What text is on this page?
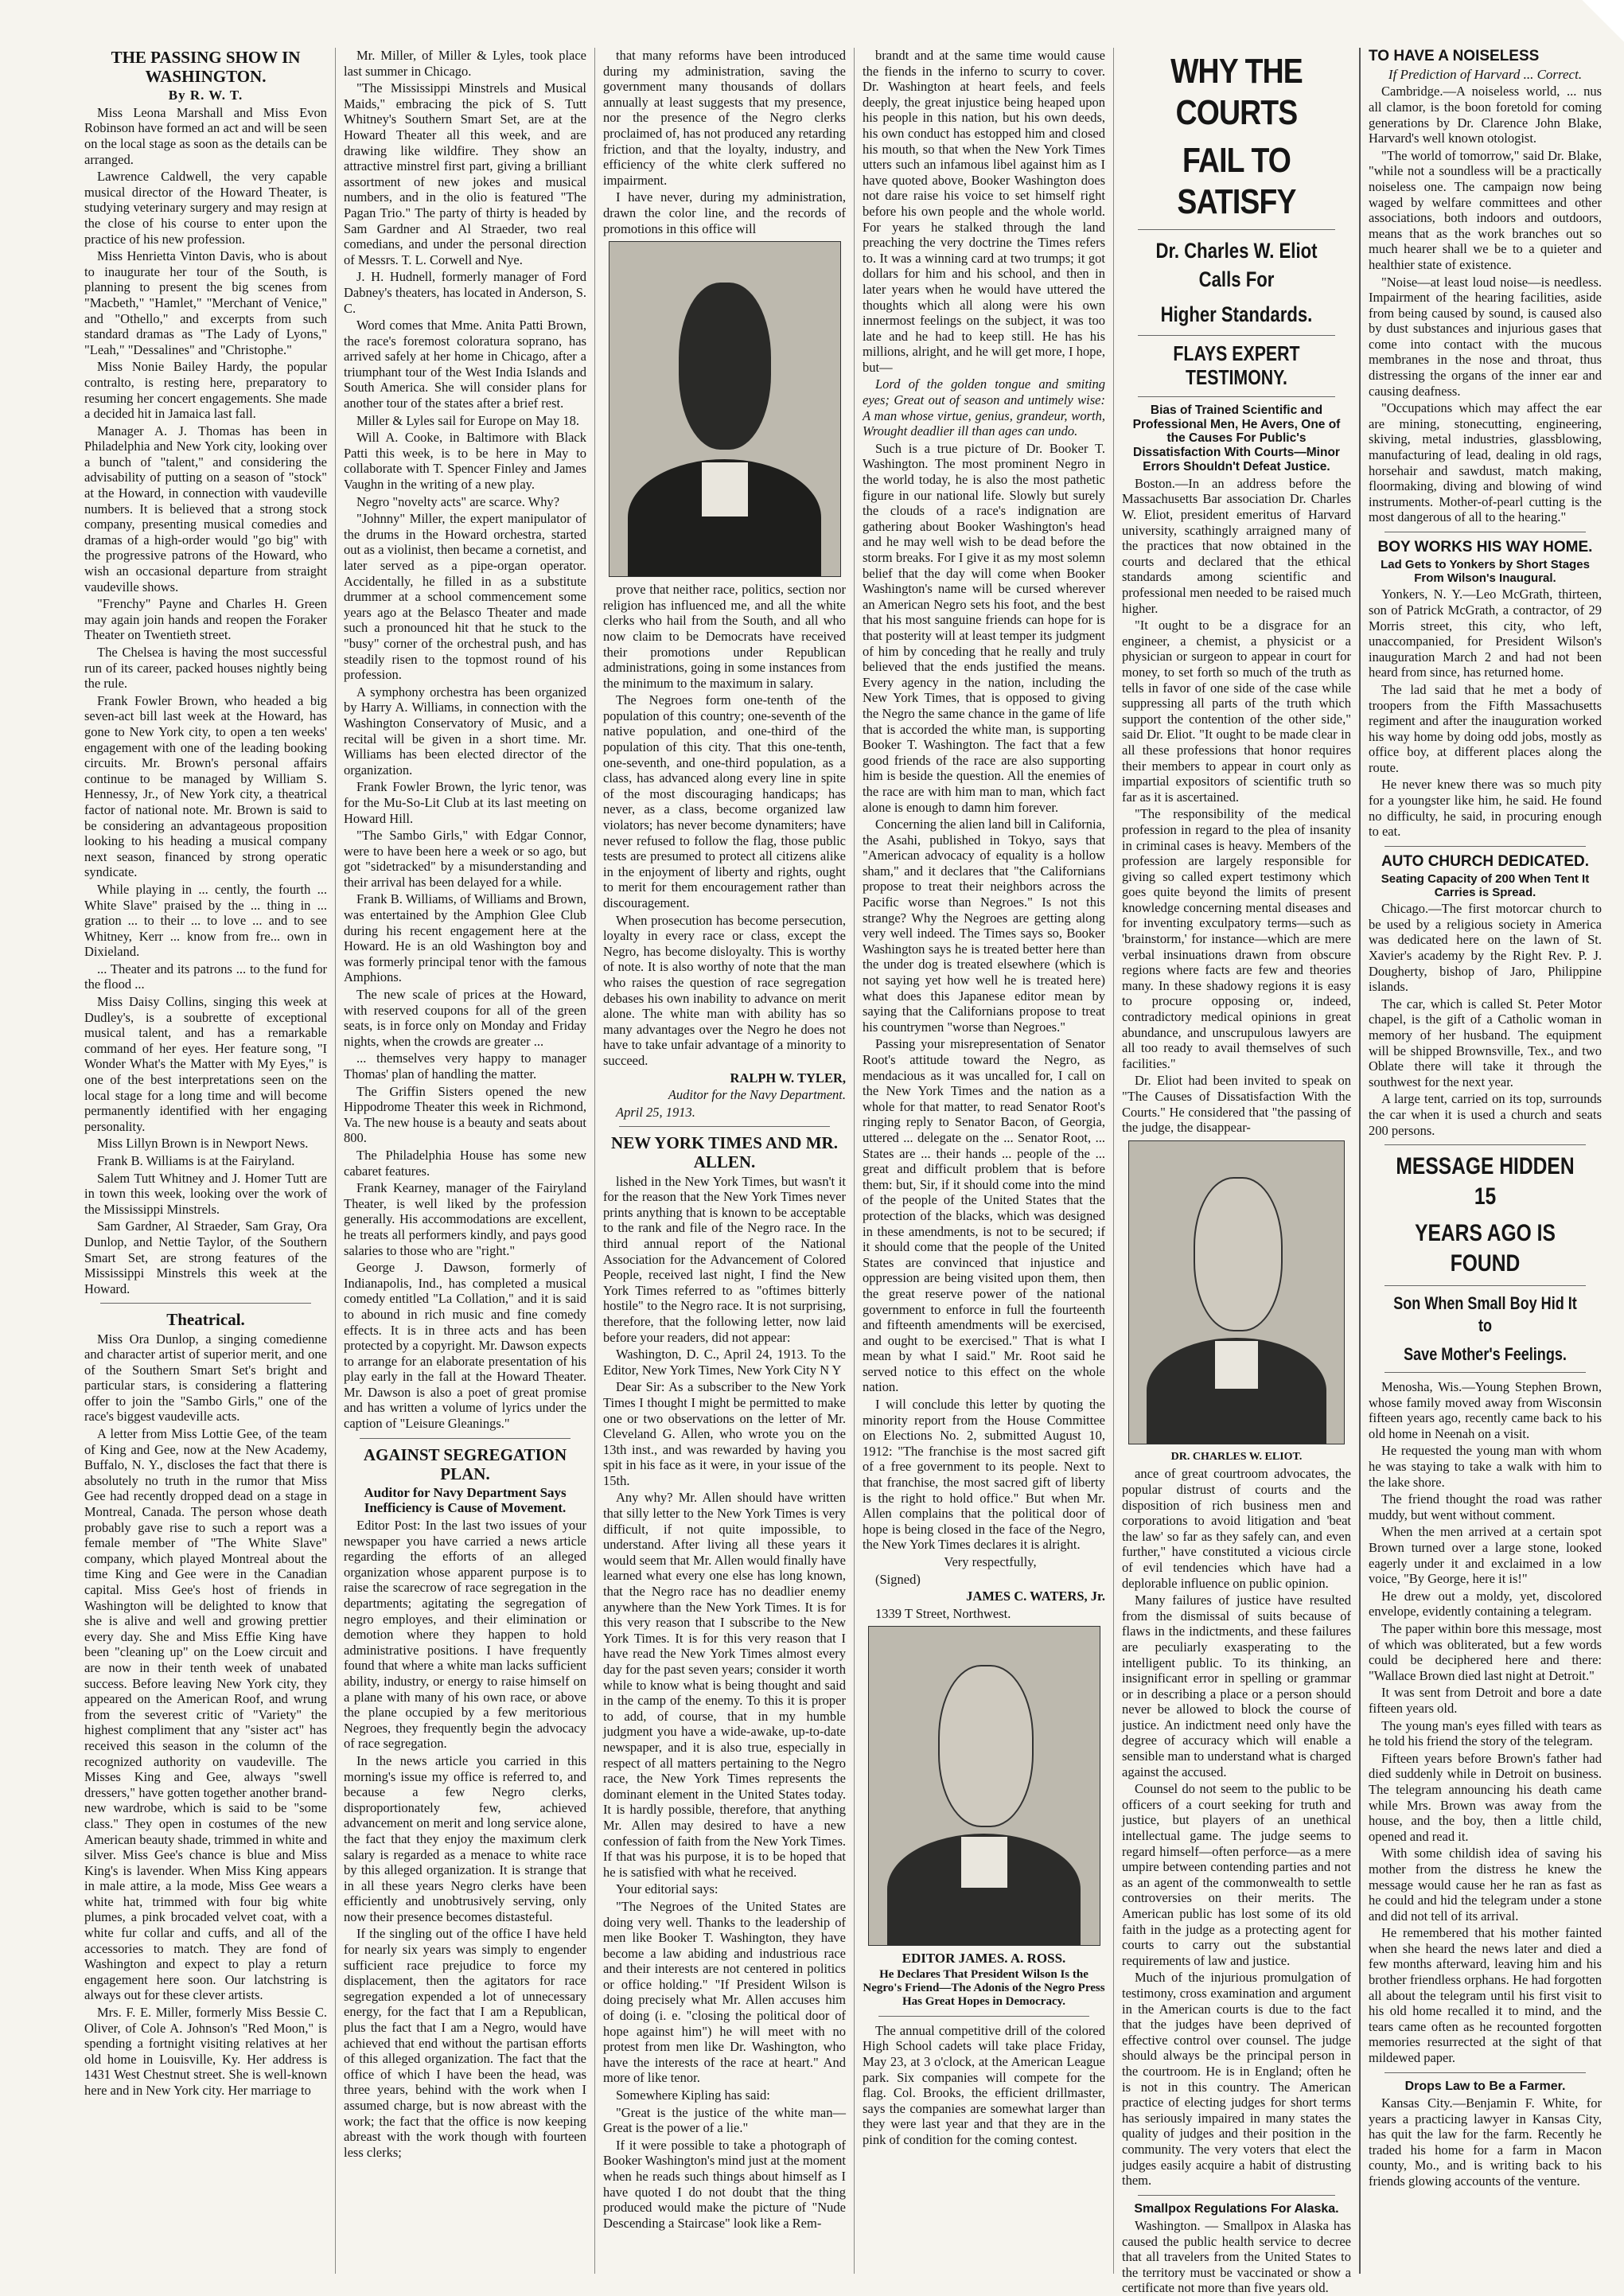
THE PASSING SHOW IN WASHINGTON.

By R. W. T.

Miss Leona Marshall and Miss Evon Robinson have formed an act and will be seen on the local stage as soon as the details can be arranged.

Lawrence Caldwell, the very capable musical director of the Howard Theater, is studying veterinary surgery and may resign at the close of his course to enter upon the practice of his new profession.

Miss Henrietta Vinton Davis, who is about to inaugurate her tour of the South, is planning to present the big scenes from "Macbeth," "Hamlet," "Merchant of Venice," and "Othello," and excerpts from such standard dramas as "The Lady of Lyons," "Leah," "Dessalines" and "Christophe."

Miss Nonie Bailey Hardy, the popular contralto, is resting here, preparatory to resuming her concert engagements. She made a decided hit in Jamaica last fall.

Manager A. J. Thomas has been in Philadelphia and New York city, looking over a bunch of "talent," and considering the advisability of putting on a season of "stock" at the Howard, in connection with vaudeville numbers. It is believed that a strong stock company, presenting musical comedies and dramas of a high-order would "go big" with the progressive patrons of the Howard, who wish an occasional departure from straight vaudeville shows.

"Frenchy" Payne and Charles H. Green may again join hands and reopen the Foraker Theater on Twentieth street.

The Chelsea is having the most successful run of its career, packed houses nightly being the rule.

Frank Fowler Brown, who headed a big seven-act bill last week at the Howard, has gone to New York city, to open a ten weeks' engagement with one of the leading booking circuits. Mr. Brown's personal affairs continue to be managed by William S. Hennessy, Jr., of New York city, a theatrical factor of national note. Mr. Brown is said to be considering an advantageous proposition looking to his heading a musical company next season, financed by strong operatic syndicate.

While playing in ... cently, the fourth ... White Slave" praised by the ... thing in ... gration ... to their ... to love ... and to see Whitney, Kerr ... know from fre... own in Dixieland.

... Theater and its patrons ... to the fund for the flood ...

Miss Daisy Collins, singing this week at Dudley's, is a soubrette of exceptional musical talent, and has a remarkable command of her eyes. Her feature song, "I Wonder What's the Matter with My Eyes," is one of the best interpretations seen on the local stage for a long time and will become permanently identified with her engaging personality.

Miss Lillyn Brown is in Newport News.

Frank B. Williams is at the Fairyland.

Salem Tutt Whitney and J. Homer Tutt are in town this week, looking over the work of the Mississippi Minstrels.

Sam Gardner, Al Straeder, Sam Gray, Ora Dunlop, and Nettie Taylor, of the Southern Smart Set, are strong features of the Mississippi Minstrels this week at the Howard.

Theatrical.

Miss Ora Dunlop, a singing comedienne and character artist of superior merit, and one of the Southern Smart Set's bright and particular stars, is considering a flattering offer to join the "Sambo Girls," one of the race's biggest vaudeville acts.

A letter from Miss Lottie Gee, of the team of King and Gee, now at the New Academy, Buffalo, N. Y., discloses the fact that there is absolutely no truth in the rumor that Miss Gee had recently dropped dead on a stage in Montreal, Canada. The person whose death probably gave rise to such a report was a female member of "The White Slave" company, which played Montreal about the time King and Gee were in the Canadian capital. Miss Gee's host of friends in Washington will be delighted to know that she is alive and well and growing prettier every day. She and Miss Effie King have been "cleaning up" on the Loew circuit and are now in their tenth week of unabated success. Before leaving New York city, they appeared on the American Roof, and wrung from the severest critic of "Variety" the highest compliment that any "sister act" has received this season in the column of the recognized authority on vaudeville. The Misses King and Gee, always "swell dressers," have gotten together another brand-new wardrobe, which is said to be "some class." They open in costumes of the new American beauty shade, trimmed in white and silver. Miss Gee's chance is blue and Miss King's is lavender. When Miss King appears in male attire, a la mode, Miss Gee wears a white hat, trimmed with four big white plumes, a pink brocaded velvet coat, with a white fur collar and cuffs, and all of the accessories to match. They are fond of Washington and expect to play a return engagement here soon. Our latchstring is always out for these clever artists.

Mrs. F. E. Miller, formerly Miss Bessie C. Oliver, of Cole A. Johnson's "Red Moon," is spending a fortnight visiting relatives at her old home in Louisville, Ky. Her address is 1431 West Chestnut street. She is well-known here and in New York city. Her marriage to

Mr. Miller, of Miller & Lyles, took place last summer in Chicago.

"The Mississippi Minstrels and Musical Maids," embracing the pick of S. Tutt Whitney's Southern Smart Set, are at the Howard Theater all this week, and are drawing like wildfire. They show an attractive minstrel first part, giving a brilliant assortment of new jokes and musical numbers, and in the olio is featured "The Pagan Trio." The party of thirty is headed by Sam Gardner and Al Straeder, two real comedians, and under the personal direction of Messrs. T. L. Corwell and Nye.

J. H. Hudnell, formerly manager of Ford Dabney's theaters, has located in Anderson, S. C.

Word comes that Mme. Anita Patti Brown, the race's foremost coloratura soprano, has arrived safely at her home in Chicago, after a triumphant tour of the West India Islands and South America. She will consider plans for another tour of the states after a brief rest.

Miller & Lyles sail for Europe on May 18.

Will A. Cooke, in Baltimore with Black Patti this week, is to be here in May to collaborate with T. Spencer Finley and James Vaughn in the writing of a new play.

Negro "novelty acts" are scarce. Why?

"Johnny" Miller, the expert manipulator of the drums in the Howard orchestra, started out as a violinist, then became a cornetist, and later served as a pipe-organ operator. Accidentally, he filled in as a substitute drummer at a school commencement some years ago at the Belasco Theater and made such a pronounced hit that he stuck to the "busy" corner of the orchestral push, and has steadily risen to the topmost round of his profession.

A symphony orchestra has been organized by Harry A. Williams, in connection with the Washington Conservatory of Music, and a recital will be given in a short time. Mr. Williams has been elected director of the organization.

Frank Fowler Brown, the lyric tenor, was for the Mu-So-Lit Club at its last meeting on Howard Hill.

"The Sambo Girls," with Edgar Connor, were to have been here a week or so ago, but got "sidetracked" by a misunderstanding and their arrival has been delayed for a while.

Frank B. Williams, of Williams and Brown, was entertained by the Amphion Glee Club during his recent engagement here at the Howard. He is an old Washington boy and was formerly principal tenor with the famous Amphions.

The new scale of prices at the Howard, with reserved coupons for all of the green seats, is in force only on Monday and Friday nights, when the crowds are greater ...

... themselves very happy to manager Thomas' plan of handling the matter.

The Griffin Sisters opened the new Hippodrome Theater this week in Richmond, Va. The new house is a beauty and seats about 800.

The Philadelphia House has some new cabaret features.

Frank Kearney, manager of the Fairyland Theater, is well liked by the profession generally. His accommodations are excellent, he treats all performers kindly, and pays good salaries to those who are "right."

George J. Dawson, formerly of Indianapolis, Ind., has completed a musical comedy entitled "La Collation," and it is said to abound in rich music and fine comedy effects. It is in three acts and has been protected by a copyright. Mr. Dawson expects to arrange for an elaborate presentation of his play early in the fall at the Howard Theater. Mr. Dawson is also a poet of great promise and has written a volume of lyrics under the caption of "Leisure Gleanings."

AGAINST SEGREGATION PLAN.

Auditor for Navy Department Says Inefficiency is Cause of Movement.

Editor Post: In the last two issues of your newspaper you have carried a news article regarding the efforts of an alleged organization whose apparent purpose is to raise the scarecrow of race segregation in the departments; agitating the segregation of negro employes, and their elimination or demotion where they happen to hold administrative positions. I have frequently found that where a white man lacks sufficient ability, industry, or energy to raise himself on a plane with many of his own race, or above the plane occupied by a few meritorious Negroes, they frequently begin the advocacy of race segregation.

In the news article you carried in this morning's issue my office is referred to, and because a few Negro clerks, disproportionately few, achieved advancement on merit and long service alone, the fact that they enjoy the maximum clerk salary is regarded as a menace to white race by this alleged organization. It is strange that in all these years Negro clerks have been efficiently and unobtrusively serving, only now their presence becomes distasteful.

If the singling out of the office I have held for nearly six years was simply to engender sufficient race prejudice to force my displacement, then the agitators for race segregation expended a lot of unnecessary energy, for the fact that I am a Republican, plus the fact that I am a Negro, would have achieved that end without the partisan efforts of this alleged organization. The fact that the office of which I have been the head, was three years, behind with the work when I assumed charge, but is now abreast with the work; the fact that the office is now keeping abreast with the work though with fourteen less clerks;

that many reforms have been introduced during my administration, saving the government many thousands of dollars annually at least suggests that my presence, nor the presence of the Negro clerks proclaimed of, has not produced any retarding friction, and that the loyalty, industry, and efficiency of the white clerk suffered no impairment.

I have never, during my administration, drawn the color line, and the records of promotions in this office will

prove that neither race, politics, section nor religion has influenced me, and all the white clerks who hail from the South, and all who now claim to be Democrats have received their promotions under Republican administrations, going in some instances from the minimum to the maximum in salary.

The Negroes form one-tenth of the population of this country; one-seventh of the native population, and one-third of the population of this city. That this one-tenth, one-seventh, and one-third population, as a class, has advanced along every line in spite of the most discouraging handicaps; has never, as a class, become organized law violators; has never become dynamiters; have never refused to follow the flag, those public tests are presumed to protect all citizens alike in the enjoyment of liberty and rights, ought to merit for them encouragement rather than discouragement.

When prosecution has become persecution, loyalty in every race or class, except the Negro, has become disloyalty. This is worthy of note. It is also worthy of note that the man who raises the question of race segregation debases his own inability to advance on merit alone. The white man with ability has so many advantages over the Negro he does not have to take unfair advantage of a minority to succeed.

RALPH W. TYLER,

Auditor for the Navy Department.

April 25, 1913.

NEW YORK TIMES AND MR. ALLEN.

lished in the New York Times, but wasn't it for the reason that the New York Times never prints anything that is known to be acceptable to the rank and file of the Negro race. In the third annual report of the National Association for the Advancement of Colored People, received last night, I find the New York Times referred to as "oftimes bitterly hostile" to the Negro race. It is not surprising, therefore, that the following letter, now laid before your readers, did not appear:

Washington, D. C., April 24, 1913. To the Editor, New York Times, New York City N Y

Dear Sir: As a subscriber to the New York Times I thought I might be permitted to make one or two observations on the letter of Mr. Cleveland G. Allen, who wrote you on the 13th inst., and was rewarded by having you spit in his face as it were, in your issue of the 15th.

Any why? Mr. Allen should have written that silly letter to the New York Times is very difficult, if not quite impossible, to understand. After living all these years it would seem that Mr. Allen would finally have learned what every one else has long known, that the Negro race has no deadlier enemy anywhere than the New York Times. It is for this very reason that I subscribe to the New York Times. It is for this very reason that I have read the New York Times almost every day for the past seven years; consider it worth while to know what is being thought and said in the camp of the enemy. To this it is proper to add, of course, that in my humble judgment you have a wide-awake, up-to-date newspaper, and it is also true, especially in respect of all matters pertaining to the Negro race, the New York Times represents the dominant element in the United States today. It is hardly possible, therefore, that anything Mr. Allen may desired to have a new confession of faith from the New York Times. If that was his purpose, it is to be hoped that he is satisfied with what he received.

Your editorial says:

"The Negroes of the United States are doing very well. Thanks to the leadership of men like Booker T. Washington, they have become a law abiding and industrious race and their interests are not centered in politics or office holding." "If President Wilson is doing precisely what Mr. Allen accuses him of doing (i. e. "closing the political door of hope against him") he will meet with no protest from men like Dr. Washington, who have the interests of the race at heart." And more of like tenor.

Somewhere Kipling has said:

"Great is the justice of the white man—Great is the power of a lie."

If it were possible to take a photograph of Booker Washington's mind just at the moment when he reads such things about himself as I have quoted I do not doubt that the thing produced would make the picture of "Nude Descending a Staircase" look like a Rem-

brandt and at the same time would cause the fiends in the inferno to scurry to cover. Dr. Washington at heart feels, and feels deeply, the great injustice being heaped upon his people in this nation, but his own deeds, his own conduct has estopped him and closed his mouth, so that when the New York Times utters such an infamous libel against him as I have quoted above, Booker Washington does not dare raise his voice to set himself right before his own people and the whole world. For years he stalked through the land preaching the very doctrine the Times refers to. It was a winning card at two trumps; it got dollars for him and his school, and then in later years when he would have uttered the thoughts which all along were his own innermost feelings on the subject, it was too late and he had to keep still. He has his millions, alright, and he will get more, I hope, but—

Lord of the golden tongue and smiting eyes; Great out of season and untimely wise: A man whose virtue, genius, grandeur, worth, Wrought deadlier ill than ages can undo.

Such is a true picture of Dr. Booker T. Washington. The most prominent Negro in the world today, he is also the most pathetic figure in our national life. Slowly but surely the clouds of a race's indignation are gathering about Booker Washington's head and he may well wish to be dead before the storm breaks. For I give it as my most solemn belief that the day will come when Booker Washington's name will be cursed wherever an American Negro sets his foot, and the best that his most sanguine friends can hope for is that posterity will at least temper its judgment of him by conceding that he really and truly believed that the ends justified the means. Every agency in the nation, including the New York Times, that is opposed to giving the Negro the same chance in the game of life that is accorded the white man, is supporting Booker T. Washington. The fact that a few good friends of the race are also supporting him is beside the question. All the enemies of the race are with him man to man, which fact alone is enough to damn him forever.

Concerning the alien land bill in California, the Asahi, published in Tokyo, says that "American advocacy of equality is a hollow sham," and it declares that "the Californians propose to treat their neighbors across the Pacific worse than Negroes." Is not this strange? Why the Negroes are getting along very well indeed. The Times says so, Booker Washington says he is treated better here than the under dog is treated elsewhere (which is not saying yet how well he is treated here) what does this Japanese editor mean by saying that the Californians propose to treat his countrymen "worse than Negroes."

Passing your misrepresentation of Senator Root's attitude toward the Negro, as mendacious as it was uncalled for, I call on the New York Times and the nation as a whole for that matter, to read Senator Root's ringing reply to Senator Bacon, of Georgia, uttered ... delegate on the ... Senator Root, ... States are ... their hands ... people of the ... great and difficult problem that is before them: but, Sir, if it should come into the mind of the people of the United States that the protection of the blacks, which was designed in these amendments, is not to be secured; if it should come that the people of the United States are convinced that injustice and oppression are being visited upon them, then the great reserve power of the national government to enforce in full the fourteenth and fifteenth amendments will be exercised, and ought to be exercised." That is what I mean by what I said." Mr. Root said he served notice to this effect on the whole nation.

I will conclude this letter by quoting the minority report from the House Committee on Elections No. 2, submitted August 10, 1912: "The franchise is the most sacred gift of a free government to its people. Next to that franchise, the most sacred gift of liberty is the right to hold office." But when Mr. Allen complains that the political door of hope is being closed in the face of the Negro, the New York Times declares it is alright.

Very respectfully,

(Signed)

JAMES C. WATERS, Jr.

1339 T Street, Northwest.

EDITOR JAMES. A. ROSS.

He Declares That President Wilson Is the Negro's Friend—The Adonis of the Negro Press Has Great Hopes in Democracy.

The annual competitive drill of the colored High School cadets will take place Friday, May 23, at 3 o'clock, at the American League park. Six companies will compete for the flag. Col. Brooks, the efficient drillmaster, says the companies are somewhat larger than they were last year and that they are in the pink of condition for the coming contest.

WHY THE COURTS
FAIL TO SATISFY
Dr. Charles W. Eliot Calls For
Higher Standards.
FLAYS EXPERT TESTIMONY.

Bias of Trained Scientific and Professional Men, He Avers, One of the Causes For Public's Dissatisfaction With Courts—Minor Errors Shouldn't Defeat Justice.

Boston.—In an address before the Massachusetts Bar association Dr. Charles W. Eliot, president emeritus of Harvard university, scathingly arraigned many of the practices that now obtained in the courts and declared that the ethical standards among scientific and professional men needed to be raised much higher.

"It ought to be a disgrace for an engineer, a chemist, a physicist or a physician or surgeon to appear in court for money, to set forth so much of the truth as tells in favor of one side of the case while suppressing all parts of the truth which support the contention of the other side," said Dr. Eliot. "It ought to be made clear in all these professions that honor requires their members to appear in court only as impartial expositors of scientific truth so far as it is ascertained.

"The responsibility of the medical profession in regard to the plea of insanity in criminal cases is heavy. Members of the profession are largely responsible for giving so called expert testimony which goes quite beyond the limits of present knowledge concerning mental diseases and for inventing exculpatory terms—such as 'brainstorm,' for instance—which are mere verbal insinuations drawn from obscure regions where facts are few and theories many. In these shadowy regions it is easy to procure opposing or, indeed, contradictory medical opinions in great abundance, and unscrupulous lawyers are all too ready to avail themselves of such facilities."

Dr. Eliot had been invited to speak on "The Causes of Dissatisfaction With the Courts." He considered that "the passing of the judge, the disappear-

DR. CHARLES W. ELIOT.

ance of great courtroom advocates, the popular distrust of courts and the disposition of rich business men and corporations to avoid litigation and 'beat the law' so far as they safely can, and even further," have constituted a vicious circle of evil tendencies which have had a deplorable influence on public opinion.

Many failures of justice have resulted from the dismissal of suits because of flaws in the indictments, and these failures are peculiarly exasperating to the intelligent public. To its thinking, an insignificant error in spelling or grammar or in describing a place or a person should never be allowed to block the course of justice. An indictment need only have the degree of accuracy which will enable a sensible man to understand what is charged against the accused.

Counsel do not seem to the public to be officers of a court seeking for truth and justice, but players of an unethical intellectual game. The judge seems to regard himself—often perforce—as a mere umpire between contending parties and not as an agent of the commonwealth to settle controversies on their merits. The American public has lost some of its old faith in the judge as a protecting agent for courts to carry out the substantial requirements of law and justice.

Much of the injurious promulgation of testimony, cross examination and argument in the American courts is due to the fact that the judges have been deprived of effective control over counsel. The judge should always be the principal person in the courtroom. He is in England; often he is not in this country. The American practice of electing judges for short terms has seriously impaired in many states the quality of judges and their position in the community. The very voters that elect the judges easily acquire a habit of distrusting them.

Smallpox Regulations For Alaska.

Washington. — Smallpox in Alaska has caused the public health service to decree that all travelers from the United States to the territory must be vaccinated or show a certificate not more than five years old.

TO HAVE A NOISELESS

If Prediction of Harvard ... Correct.

Cambridge.—A noiseless world, ... nus all clamor, is the boon foretold for coming generations by Dr. Clarence John Blake, Harvard's well known otologist.

"The world of tomorrow," said Dr. Blake, "while not a soundless will be a practically noiseless one. The campaign now being waged by welfare committees and other associations, both indoors and outdoors, means that as the work branches out so much hearer shall we be to a quieter and healthier state of existence.

"Noise—at least loud noise—is needless. Impairment of the hearing facilities, aside from being caused by sound, is caused also by dust substances and injurious gases that come into contact with the mucous membranes in the nose and throat, thus distressing the organs of the inner ear and causing deafness.

"Occupations which may affect the ear are mining, stonecutting, engineering, skiving, metal industries, glassblowing, manufacturing of lead, dealing in old rags, horsehair and sawdust, match making, floormaking, diving and blowing of wind instruments. Mother-of-pearl cutting is the most dangerous of all to the hearing."

BOY WORKS HIS WAY HOME.

Lad Gets to Yonkers by Short Stages From Wilson's Inaugural.

Yonkers, N. Y.—Leo McGrath, thirteen, son of Patrick McGrath, a contractor, of 29 Morris street, this city, who left, unaccompanied, for President Wilson's inauguration March 2 and had not been heard from since, has returned home.

The lad said that he met a body of troopers from the Fifth Massachusetts regiment and after the inauguration worked his way home by doing odd jobs, mostly as office boy, at different places along the route.

He never knew there was so much pity for a youngster like him, he said. He found no difficulty, he said, in procuring enough to eat.

AUTO CHURCH DEDICATED.

Seating Capacity of 200 When Tent It Carries is Spread.

Chicago.—The first motorcar church to be used by a religious society in America was dedicated here on the lawn of St. Xavier's academy by the Right Rev. P. J. Dougherty, bishop of Jaro, Philippine islands.

The car, which is called St. Peter Motor chapel, is the gift of a Catholic woman in memory of her husband. The equipment will be shipped Brownsville, Tex., and two Oblate there will take it through the southwest for the next year.

A large tent, carried on its top, surrounds the car when it is used a church and seats 200 persons.

MESSAGE HIDDEN 15
YEARS AGO IS FOUND
Son When Small Boy Hid It to
Save Mother's Feelings.

Menosha, Wis.—Young Stephen Brown, whose family moved away from Wisconsin fifteen years ago, recently came back to his old home in Neenah on a visit.

He requested the young man with whom he was staying to take a walk with him to the lake shore.

The friend thought the road was rather muddy, but went without comment.

When the men arrived at a certain spot Brown turned over a large stone, looked eagerly under it and exclaimed in a low voice, "By George, here it is!"

He drew out a moldy, yet, discolored envelope, evidently containing a telegram.

The paper within bore this message, most of which was obliterated, but a few words could be deciphered here and there: "Wallace Brown died last night at Detroit."

It was sent from Detroit and bore a date fifteen years old.

The young man's eyes filled with tears as he told his friend the story of the telegram.

Fifteen years before Brown's father had died suddenly while in Detroit on business. The telegram announcing his death came while Mrs. Brown was away from the house, and the boy, then a little child, opened and read it.

With some childish idea of saving his mother from the distress he knew the message would cause her he ran as fast as he could and hid the telegram under a stone and did not tell of its arrival.

He remembered that his mother fainted when she heard the news later and died a few months afterward, leaving him and his brother friendless orphans. He had forgotten all about the telegram until his first visit to his old home recalled it to mind, and the tears came often as he recounted forgotten memories resurrected at the sight of that mildewed paper.

Drops Law to Be a Farmer.

Kansas City.—Benjamin F. White, for years a practicing lawyer in Kansas City, has quit the law for the farm. Recently he traded his home for a farm in Macon county, Mo., and is writing back to his friends glowing accounts of the venture.
